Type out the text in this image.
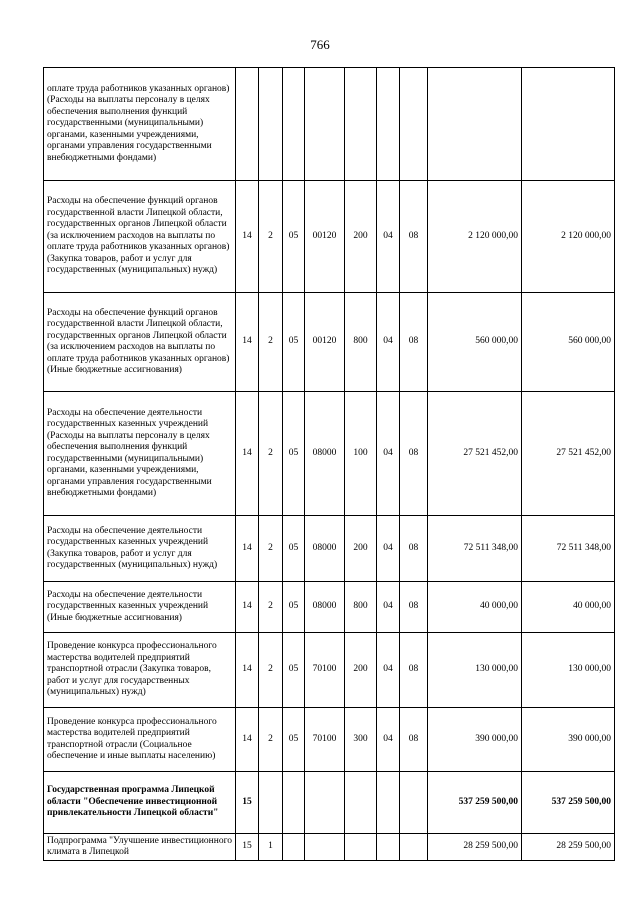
766
оплате труда работников указанных органов) (Расходы на выплаты персоналу в целях обеспечения выполнения функций государственными (муниципальными) органами, казенными учреждениями, органами управления государственными внебюджетными фондами)									
Расходы на обеспечение функций органов государственной власти Липецкой области, государственных органов Липецкой области (за исключением расходов на выплаты по оплате труда работников указанных органов) (Закупка товаров, работ и услуг для государственных (муниципальных) нужд)	14	2	05	00120	200	04	08	2 120 000,00	2 120 000,00
Расходы на обеспечение функций органов государственной власти Липецкой области, государственных органов Липецкой области (за исключением расходов на выплаты по оплате труда работников указанных органов) (Иные бюджетные ассигнования)	14	2	05	00120	800	04	08	560 000,00	560 000,00
Расходы на обеспечение деятельности государственных казенных учреждений (Расходы на выплаты персоналу в целях обеспечения выполнения функций государственными (муниципальными) органами, казенными учреждениями, органами управления государственными внебюджетными фондами)	14	2	05	08000	100	04	08	27 521 452,00	27 521 452,00
Расходы на обеспечение деятельности государственных казенных учреждений (Закупка товаров, работ и услуг для государственных (муниципальных) нужд)	14	2	05	08000	200	04	08	72 511 348,00	72 511 348,00
Расходы на обеспечение деятельности государственных казенных учреждений (Иные бюджетные ассигнования)	14	2	05	08000	800	04	08	40 000,00	40 000,00
Проведение конкурса профессионального мастерства водителей предприятий транспортной отрасли (Закупка товаров, работ и услуг для государственных (муниципальных) нужд)	14	2	05	70100	200	04	08	130 000,00	130 000,00
Проведение конкурса профессионального мастерства водителей предприятий транспортной отрасли (Социальное обеспечение и иные выплаты населению)	14	2	05	70100	300	04	08	390 000,00	390 000,00
Государственная программа Липецкой области "Обеспечение инвестиционной привлекательности Липецкой области"	15							537 259 500,00	537 259 500,00
Подпрограмма "Улучшение инвестиционного климата в Липецкой	15	1						28 259 500,00	28 259 500,00
